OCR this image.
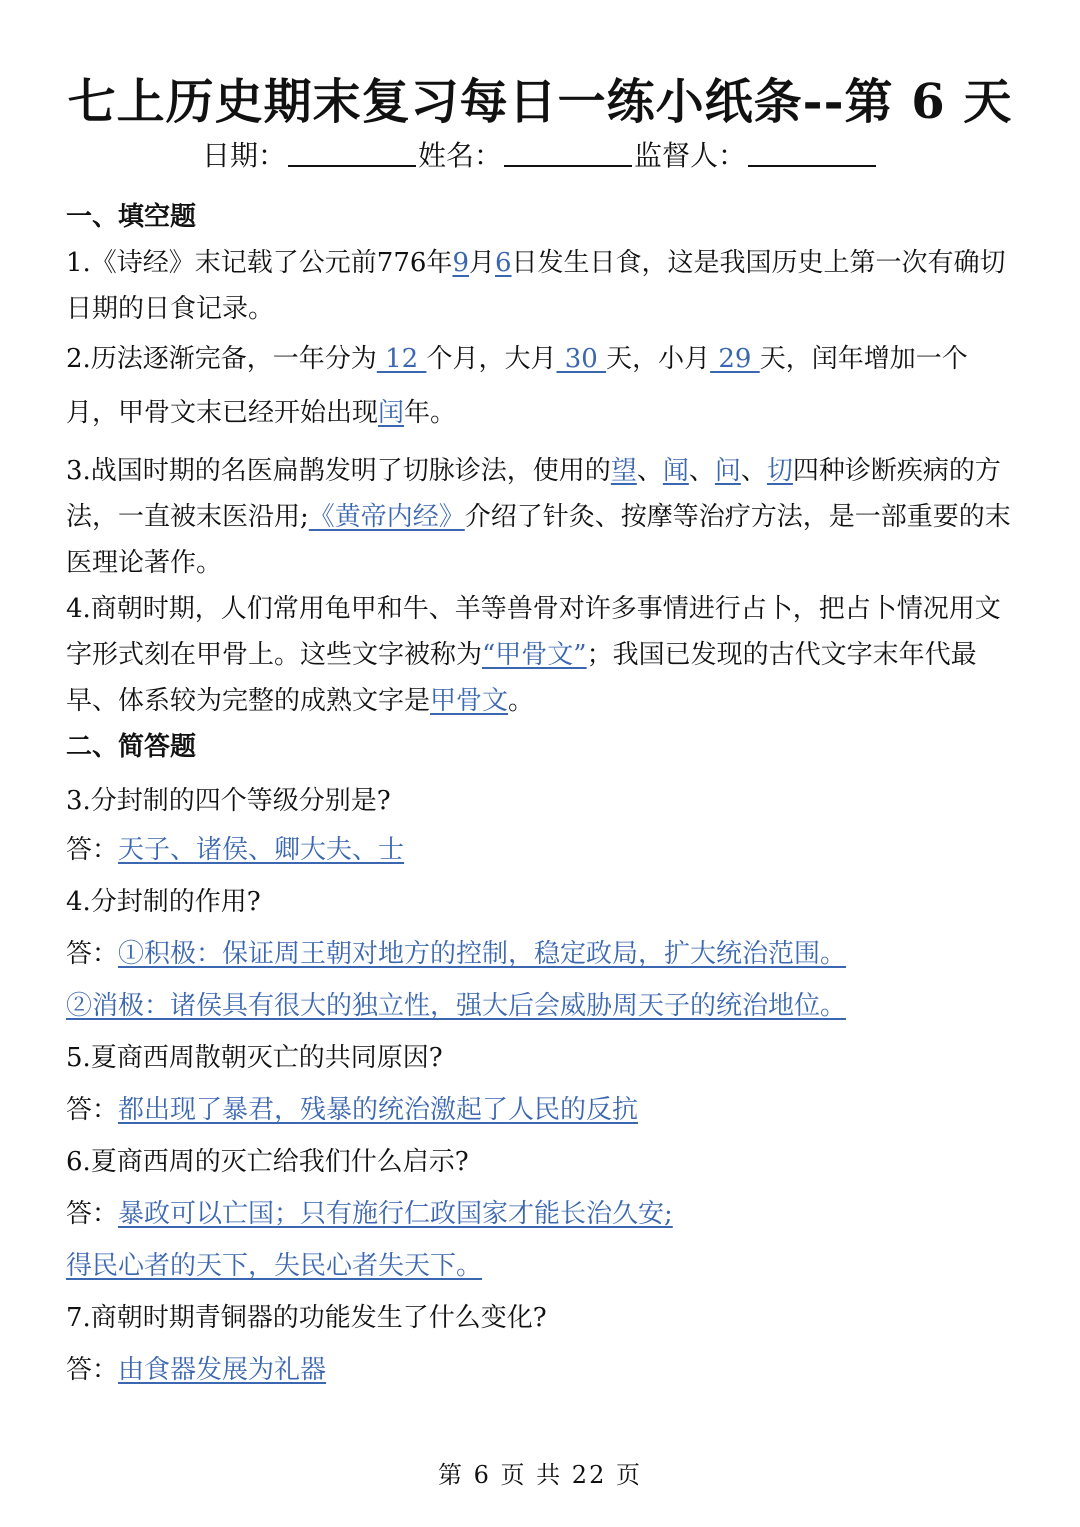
七上历史期末复习每日一练小纸条--第 6 天
日期：	姓名：	监督人：

一、填空题

1.《诗经》末记载了公元前776年9月6日发生日食，这是我国历史上第一次有确切日期的日食记录。

2.历法逐渐完备，一年分为 12 个月，大月 30 天，小月 29 天，闰年增加一个月，甲骨文末已经开始出现闰年。

3.战国时期的名医扁鹊发明了切脉诊法，使用的望、闻、问、切四种诊断疾病的方法，一直被末医沿用;《黄帝内经》介绍了针灸、按摩等治疗方法，是一部重要的末医理论著作。

4.商朝时期，人们常用龟甲和牛、羊等兽骨对许多事情进行占卜，把占卜情况用文字形式刻在甲骨上。这些文字被称为“甲骨文”；我国已发现的古代文字末年代最早、体系较为完整的成熟文字是甲骨文。

二、简答题

3.分封制的四个等级分别是?

答：天子、诸侯、卿大夫、士

4.分封制的作用?

答：①积极：保证周王朝对地方的控制，稳定政局，扩大统治范围。

②消极：诸侯具有很大的独立性，强大后会威胁周天子的统治地位。

5.夏商西周散朝灭亡的共同原因?

答：都出现了暴君，残暴的统治激起了人民的反抗

6.夏商西周的灭亡给我们什么启示?

答：暴政可以亡国；只有施行仁政国家才能长治久安;

得民心者的天下，失民心者失天下。

7.商朝时期青铜器的功能发生了什么变化?

答：由食器发展为礼器

第 6 页 共 22 页
